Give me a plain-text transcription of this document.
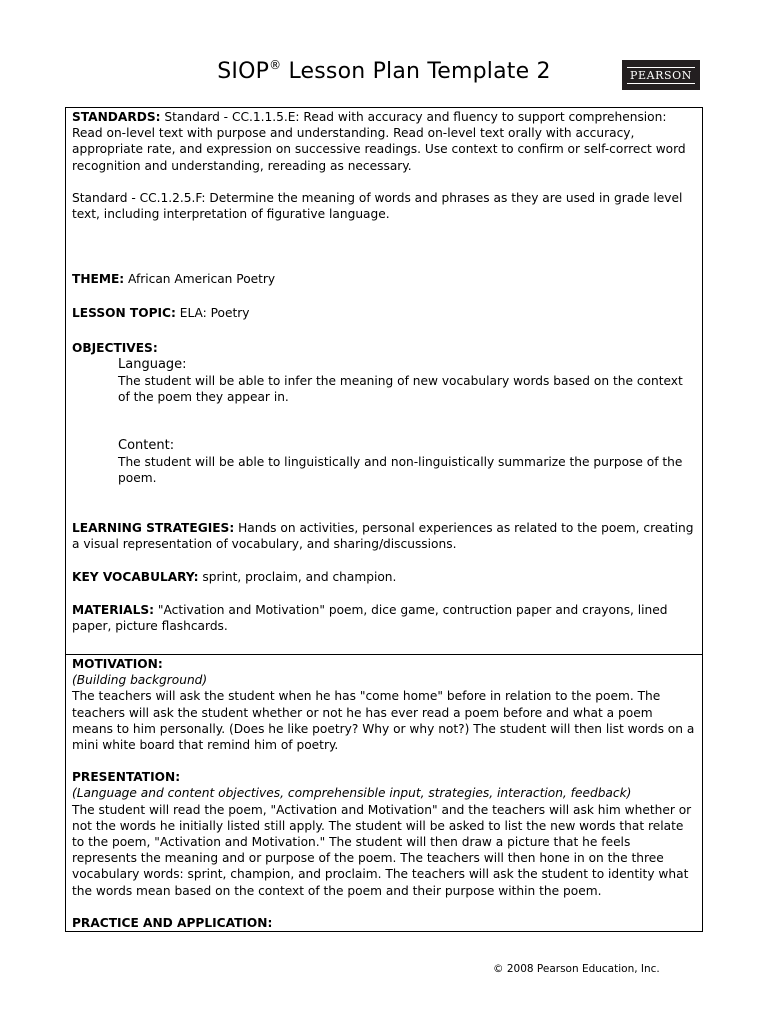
SIOP® Lesson Plan Template 2	PEARSON

STANDARDS: Standard - CC.1.1.5.E: Read with accuracy and fluency to support comprehension: Read on-level text with purpose and understanding. Read on-level text orally with accuracy, appropriate rate, and expression on successive readings. Use context to confirm or self-correct word recognition and understanding, rereading as necessary.

Standard - CC.1.2.5.F: Determine the meaning of words and phrases as they are used in grade level text, including interpretation of figurative language.

THEME: African American Poetry

LESSON TOPIC: ELA: Poetry

OBJECTIVES:

Language:

The student will be able to infer the meaning of new vocabulary words based on the context of the poem they appear in.

Content:

The student will be able to linguistically and non-linguistically summarize the purpose of the poem.

LEARNING STRATEGIES: Hands on activities, personal experiences as related to the poem, creating a visual representation of vocabulary, and sharing/discussions.

KEY VOCABULARY: sprint, proclaim, and champion.

MATERIALS: "Activation and Motivation" poem, dice game, contruction paper and crayons, lined paper, picture flashcards.

MOTIVATION:

(Building background)

The teachers will ask the student when he has "come home" before in relation to the poem. The teachers will ask the student whether or not he has ever read a poem before and what a poem means to him personally. (Does he like poetry? Why or why not?) The student will then list words on a mini white board that remind him of poetry.

PRESENTATION:

(Language and content objectives, comprehensible input, strategies, interaction, feedback)

The student will read the poem, "Activation and Motivation" and the teachers will ask him whether or not the words he initially listed still apply. The student will be asked to list the new words that relate to the poem, "Activation and Motivation." The student will then draw a picture that he feels represents the meaning and or purpose of the poem. The teachers will then hone in on the three vocabulary words: sprint, champion, and proclaim. The teachers will ask the student to identity what the words mean based on the context of the poem and their purpose within the poem.

PRACTICE AND APPLICATION:

© 2008 Pearson Education, Inc.
